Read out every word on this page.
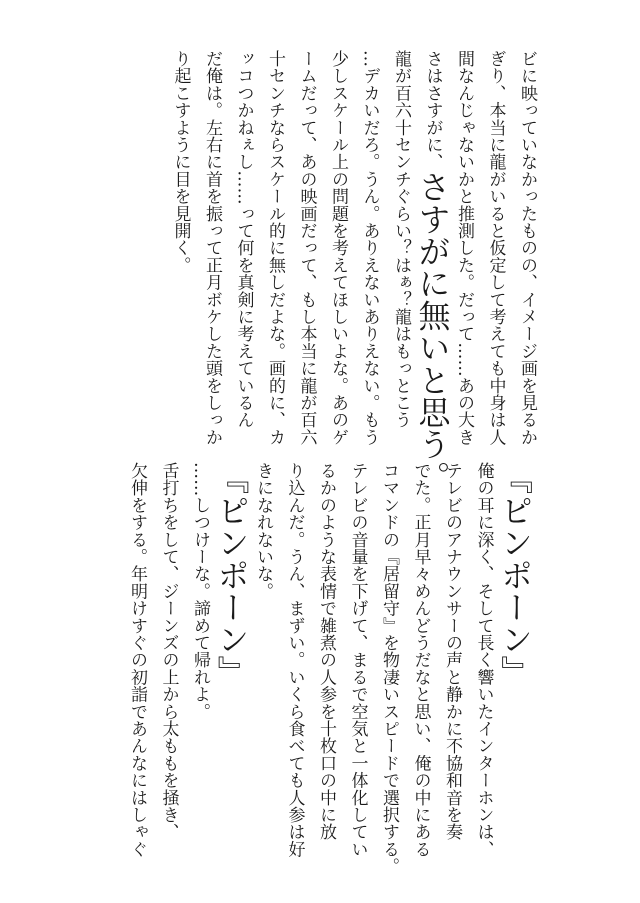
ビに映っていなかったものの、イメージ画を見るか
ぎり、本当に龍がいると仮定して考えても中身は人
間なんじゃないかと推測した。だって……あの大き
さはさすがに、さすがに無いと思う。
龍が百六十センチぐらい？はぁ？龍はもっとこう
…デカいだろ。うん。ありえないありえない。もう
少しスケール上の問題を考えてほしいよな。あのゲ
ームだって、あの映画だって、もし本当に龍が百六
十センチならスケール的に無しだよな。画的に、カ
ッコつかねぇし……って何を真剣に考えているん
だ俺は。左右に首を振って正月ボケした頭をしっか
り起こすように目を見開く。
『ピンポーン』
俺の耳に深く、そして長く響いたインターホンは、
テレビのアナウンサーの声と静かに不協和音を奏
でた。正月早々めんどうだなと思い、俺の中にある
コマンドの『居留守』を物凄いスピードで選択する。
テレビの音量を下げて、まるで空気と一体化してい
るかのような表情で雑煮の人参を十枚口の中に放
り込んだ。うん、まずい。いくら食べても人参は好
きになれないな。
『ピンポーン』
……しつけーな。諦めて帰れよ。
舌打ちをして、ジーンズの上から太ももを掻き、
欠伸をする。年明けすぐの初詣であんなにはしゃぐ
